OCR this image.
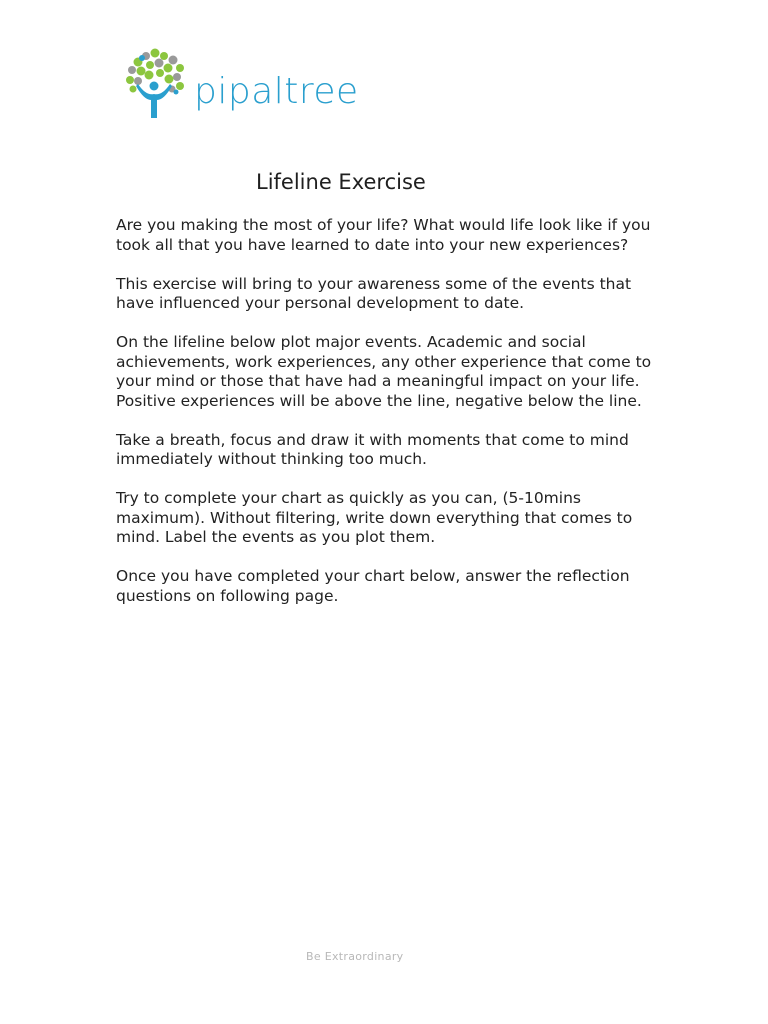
pipaltree
Lifeline Exercise

Are you making the most of your life? What would life look like if you took all that you have learned to date into your new experiences?

This exercise will bring to your awareness some of the events that have influenced your personal development to date.

On the lifeline below plot major events. Academic and social achievements, work experiences, any other experience that come to your mind or those that have had a meaningful impact on your life. Positive experiences will be above the line, negative below the line.

Take a breath, focus and draw it with moments that come to mind immediately without thinking too much.

Try to complete your chart as quickly as you can, (5-10mins maximum). Without filtering, write down everything that comes to mind. Label the events as you plot them.

Once you have completed your chart below, answer the reflection questions on following page.

Be Extraordinary
